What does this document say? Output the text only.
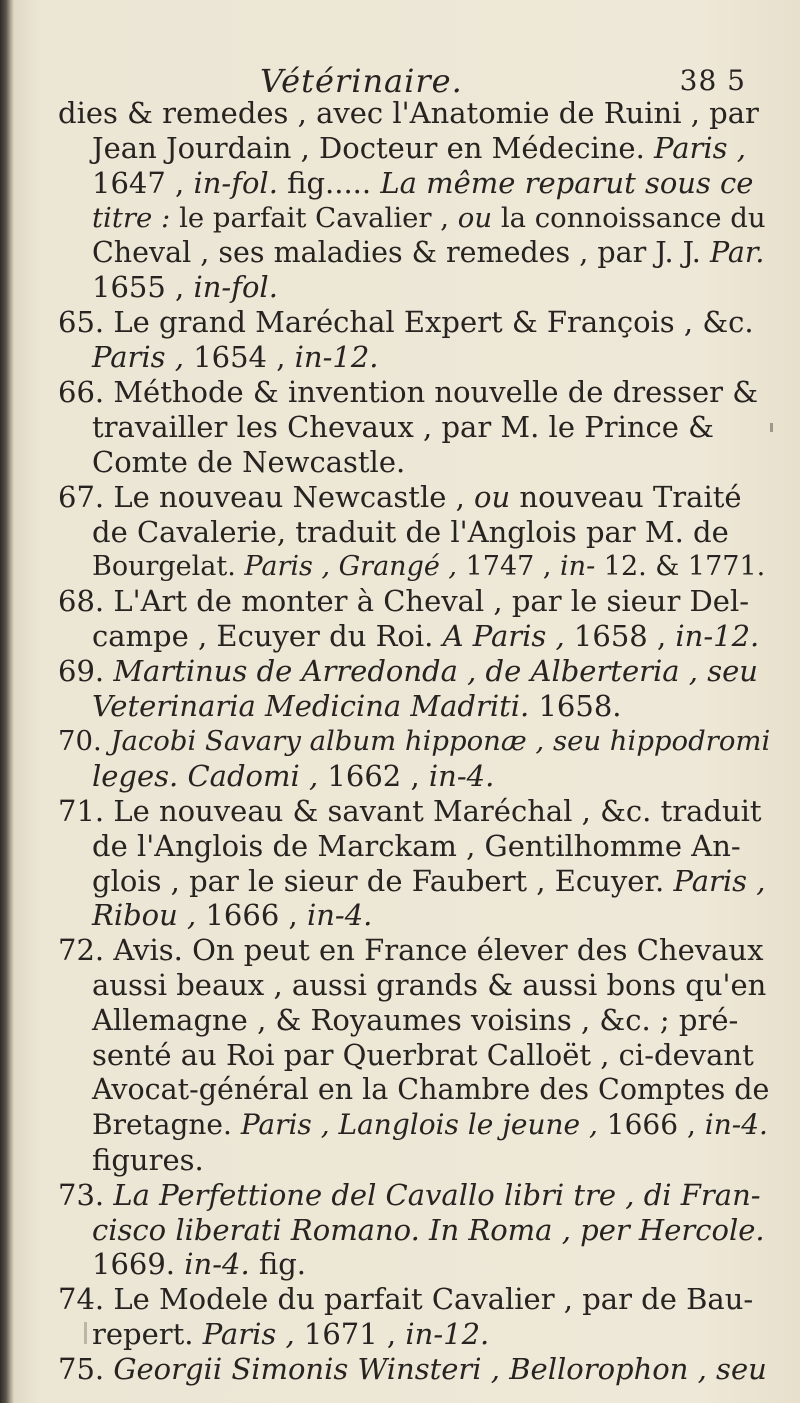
Vétérinaire.	38 5
dies & remedes , avec l'Anatomie de Ruini , par
Jean Jourdain , Docteur en Médecine. Paris ,
1647 , in-fol. fig..... La même reparut sous ce
titre : le parfait Cavalier , ou la connoissance du
Cheval , ses maladies & remedes , par J. J. Par.
1655 , in-fol.
65. Le grand Maréchal Expert & François , &c.
Paris , 1654 , in-12.
66. Méthode & invention nouvelle de dresser &
travailler les Chevaux , par M. le Prince &
Comte de Newcastle.
67. Le nouveau Newcastle , ou nouveau Traité
de Cavalerie, traduit de l'Anglois par M. de
Bourgelat. Paris , Grangé , 1747 , in- 12. & 1771.
68. L'Art de monter à Cheval , par le sieur Del-
campe , Ecuyer du Roi. A Paris , 1658 , in-12.
69. Martinus de Arredonda , de Alberteria , seu
Veterinaria Medicina Madriti. 1658.
70. Jacobi Savary album hipponæ , seu hippodromi
leges. Cadomi , 1662 , in-4.
71. Le nouveau & savant Maréchal , &c. traduit
de l'Anglois de Marckam , Gentilhomme An-
glois , par le sieur de Faubert , Ecuyer. Paris ,
Ribou , 1666 , in-4.
72. Avis. On peut en France élever des Chevaux
aussi beaux , aussi grands & aussi bons qu'en
Allemagne , & Royaumes voisins , &c. ; pré-
senté au Roi par Querbrat Calloët , ci-devant
Avocat-général en la Chambre des Comptes de
Bretagne. Paris , Langlois le jeune , 1666 , in-4.
figures.
73. La Perfettione del Cavallo libri tre , di Fran-
cisco liberati Romano. In Roma , per Hercole.
1669. in-4. fig.
74. Le Modele du parfait Cavalier , par de Bau-
repert. Paris , 1671 , in-12.
75. Georgii Simonis Winsteri , Bellorophon , seu
